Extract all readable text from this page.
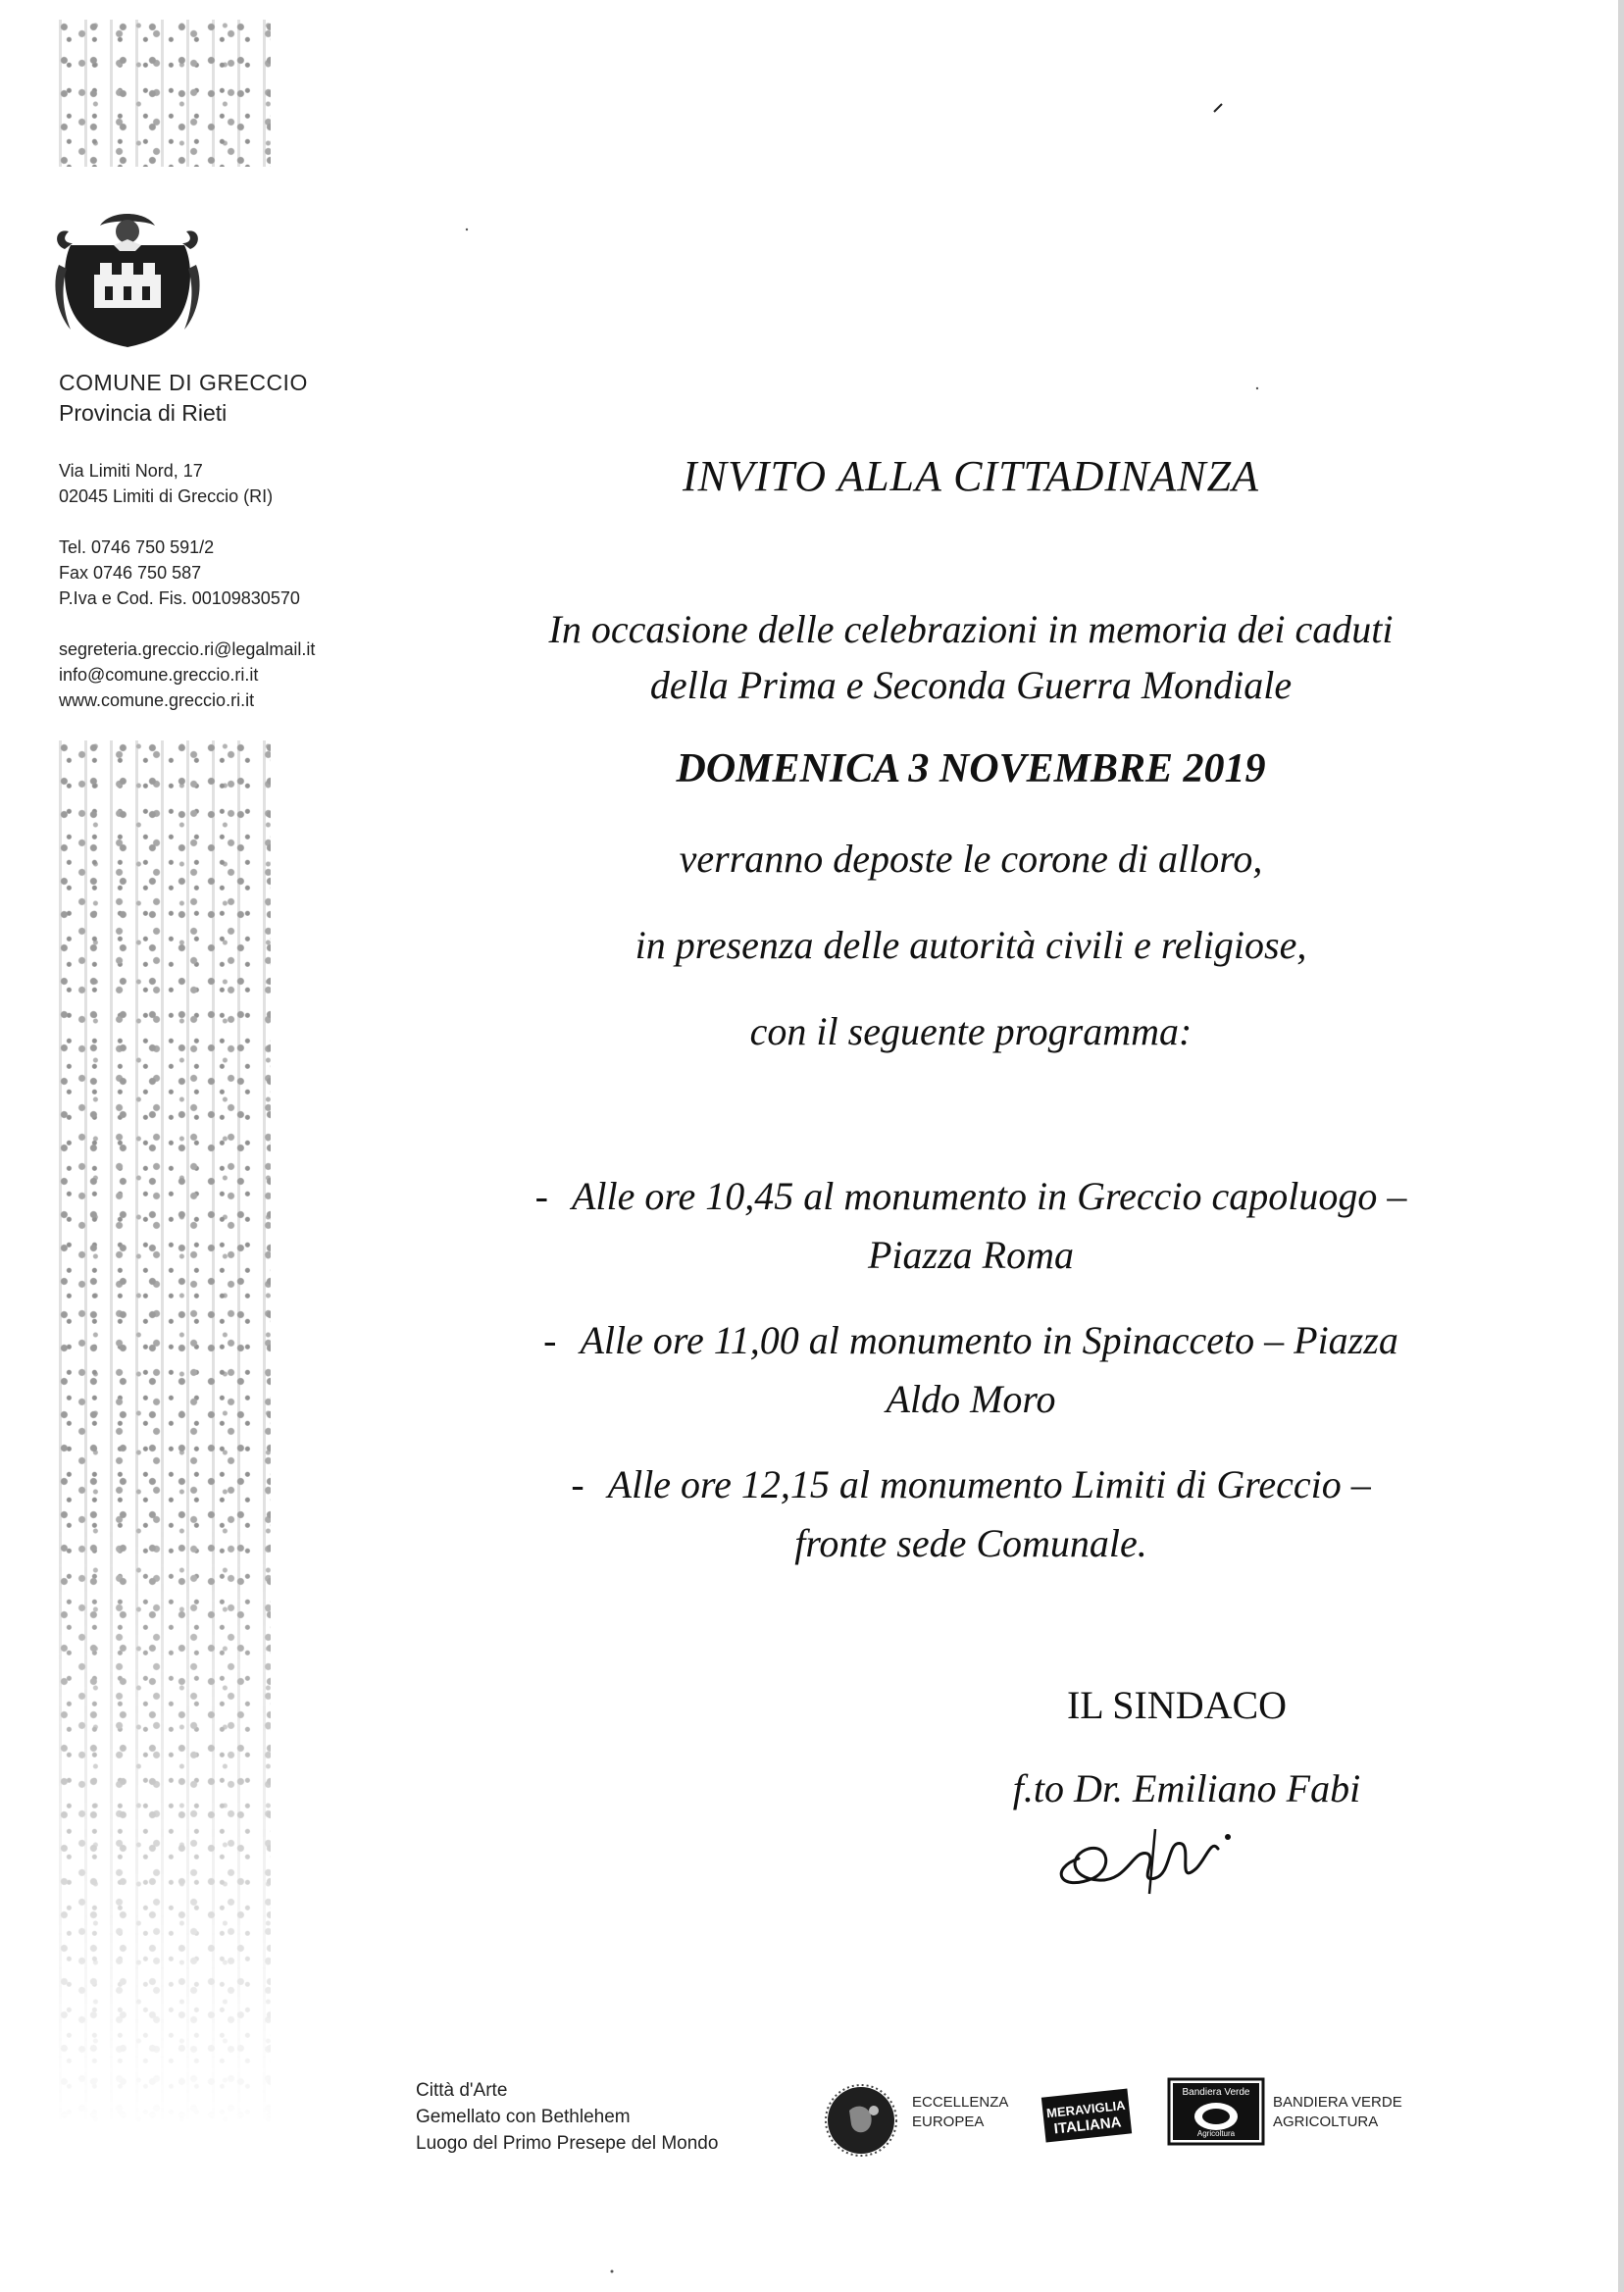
COMUNE DI GRECCIO

Provincia di Rieti

Via Limiti Nord, 17

02045 Limiti di Greccio (RI)

Tel. 0746 750 591/2

Fax 0746 750 587

P.Iva e Cod. Fis. 00109830570

segreteria.greccio.ri@legalmail.it

info@comune.greccio.ri.it

www.comune.greccio.ri.it

INVITO ALLA CITTADINANZA
In occasione delle celebrazioni in memoria dei caduti
della Prima e Seconda Guerra Mondiale
DOMENICA 3 NOVEMBRE 2019
verranno deposte le corone di alloro,
in presenza delle autorità civili e religiose,
con il seguente programma:
- Alle ore 10,45 al monumento in Greccio capoluogo –
Piazza Roma
- Alle ore 11,00 al monumento in Spinacceto – Piazza
Aldo Moro
- Alle ore 12,15 al monumento Limiti di Greccio –
fronte sede Comunale.
IL SINDACO
f.to Dr. Emiliano Fabi

Città d'Arte

Gemellato con Bethlehem

Luogo del Primo Presepe del Mondo

ECCELLENZA

EUROPEA

MERAVIGLIA
ITALIANA
Bandiera Verde
Agricoltura

BANDIERA VERDE

AGRICOLTURA
